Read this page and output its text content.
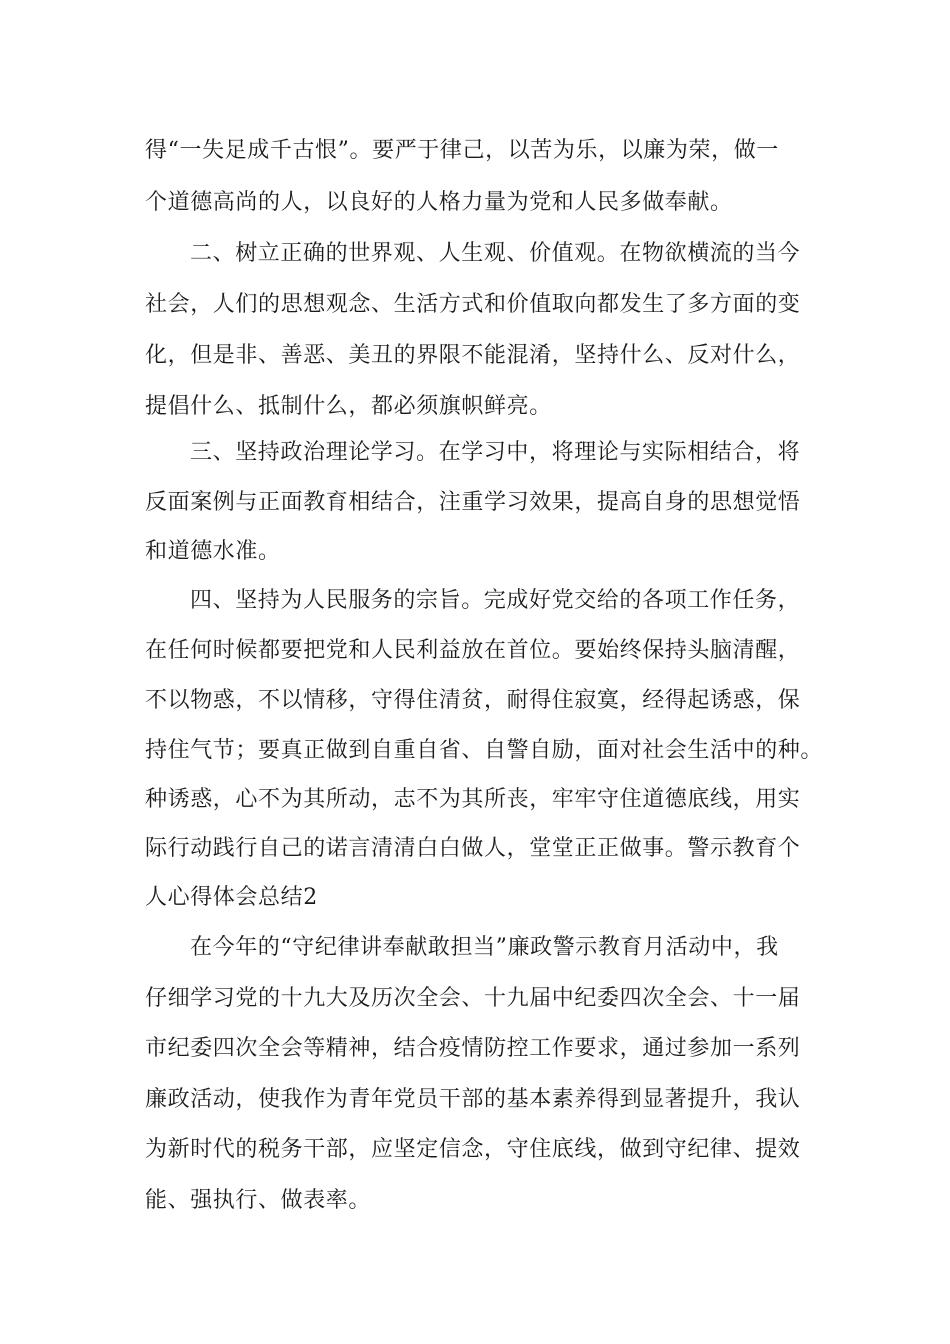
得“一失足成千古恨”。要严于律己，以苦为乐，以廉为荣，做一

个道德高尚的人，以良好的人格力量为党和人民多做奉献。

二、树立正确的世界观、人生观、价值观。在物欲横流的当今

社会，人们的思想观念、生活方式和价值取向都发生了多方面的变

化，但是非、善恶、美丑的界限不能混淆，坚持什么、反对什么，

提倡什么、抵制什么，都必须旗帜鲜亮。

三、坚持政治理论学习。在学习中，将理论与实际相结合，将

反面案例与正面教育相结合，注重学习效果，提高自身的思想觉悟

和道德水准。

四、坚持为人民服务的宗旨。完成好党交给的各项工作任务，

在任何时候都要把党和人民利益放在首位。要始终保持头脑清醒，

不以物惑，不以情移，守得住清贫，耐得住寂寞，经得起诱惑，保

持住气节；要真正做到自重自省、自警自励，面对社会生活中的种。

种诱惑，心不为其所动，志不为其所丧，牢牢守住道德底线，用实

际行动践行自己的诺言清清白白做人，堂堂正正做事。警示教育个

人心得体会总结2

在今年的“守纪律讲奉献敢担当”廉政警示教育月活动中，我

仔细学习党的十九大及历次全会、十九届中纪委四次全会、十一届

市纪委四次全会等精神，结合疫情防控工作要求，通过参加一系列

廉政活动，使我作为青年党员干部的基本素养得到显著提升，我认

为新时代的税务干部，应坚定信念，守住底线，做到守纪律、提效

能、强执行、做表率。
